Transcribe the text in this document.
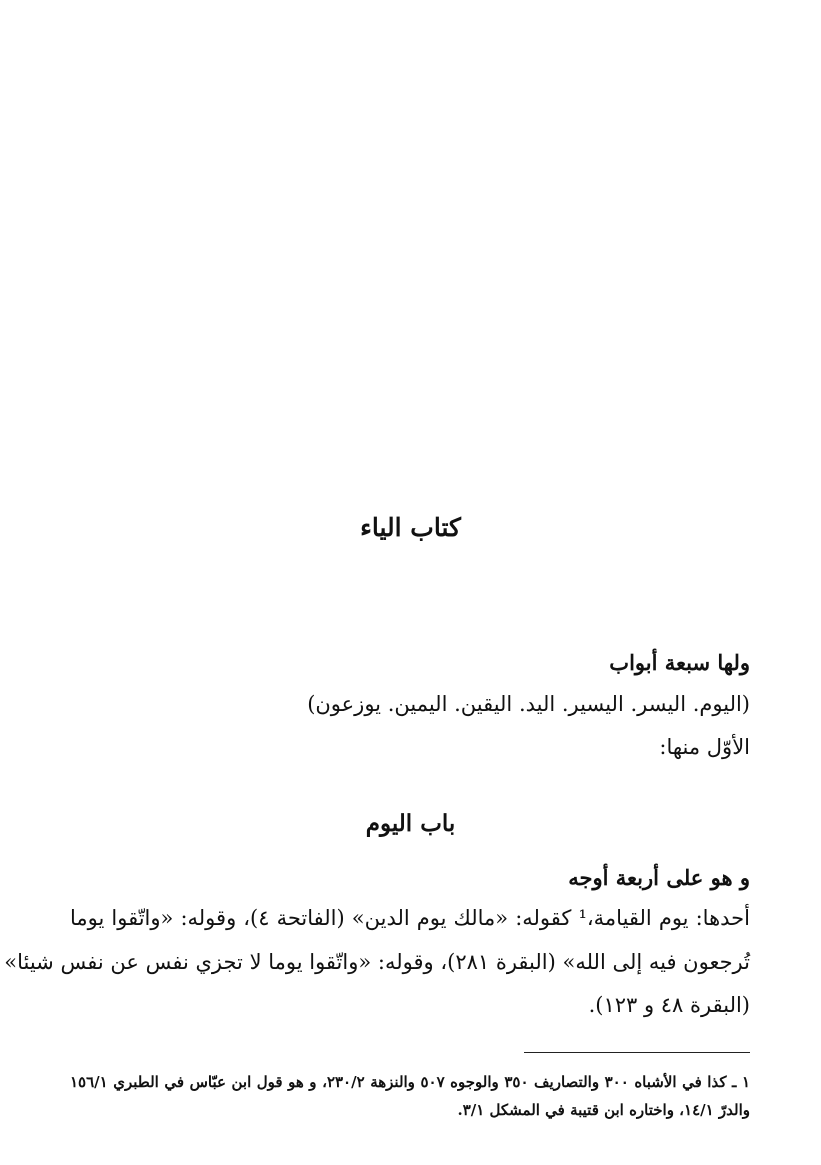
كتاب الياء
ولها سبعة أبواب
(اليوم. اليسر. اليسير. اليد. اليقين. اليمين. يوزعون)
الأوّل منها:
باب اليوم
و هو على أربعة أوجه
أحدها: يوم القيامة،¹ كقوله: «مالك يوم الدين» (الفاتحة ٤)، وقوله: «واتّقوا يوما
تُرجعون فيه إلى الله» (البقرة ٢٨١)، وقوله: «واتّقوا يوما لا تجزي نفس عن نفس شيئا»
(البقرة ٤٨ و ١٢٣).
١ ـ كذا في الأشباه ٣٠٠ والتصاريف ٣٥٠ والوجوه ٥٠٧ والنزهة ٢٣٠/٢، و هو قول ابن عبّاس في الطبري ١٥٦/١
والدرّ ١٤/١، واختاره ابن قتيبة في المشكل ٣/١.
